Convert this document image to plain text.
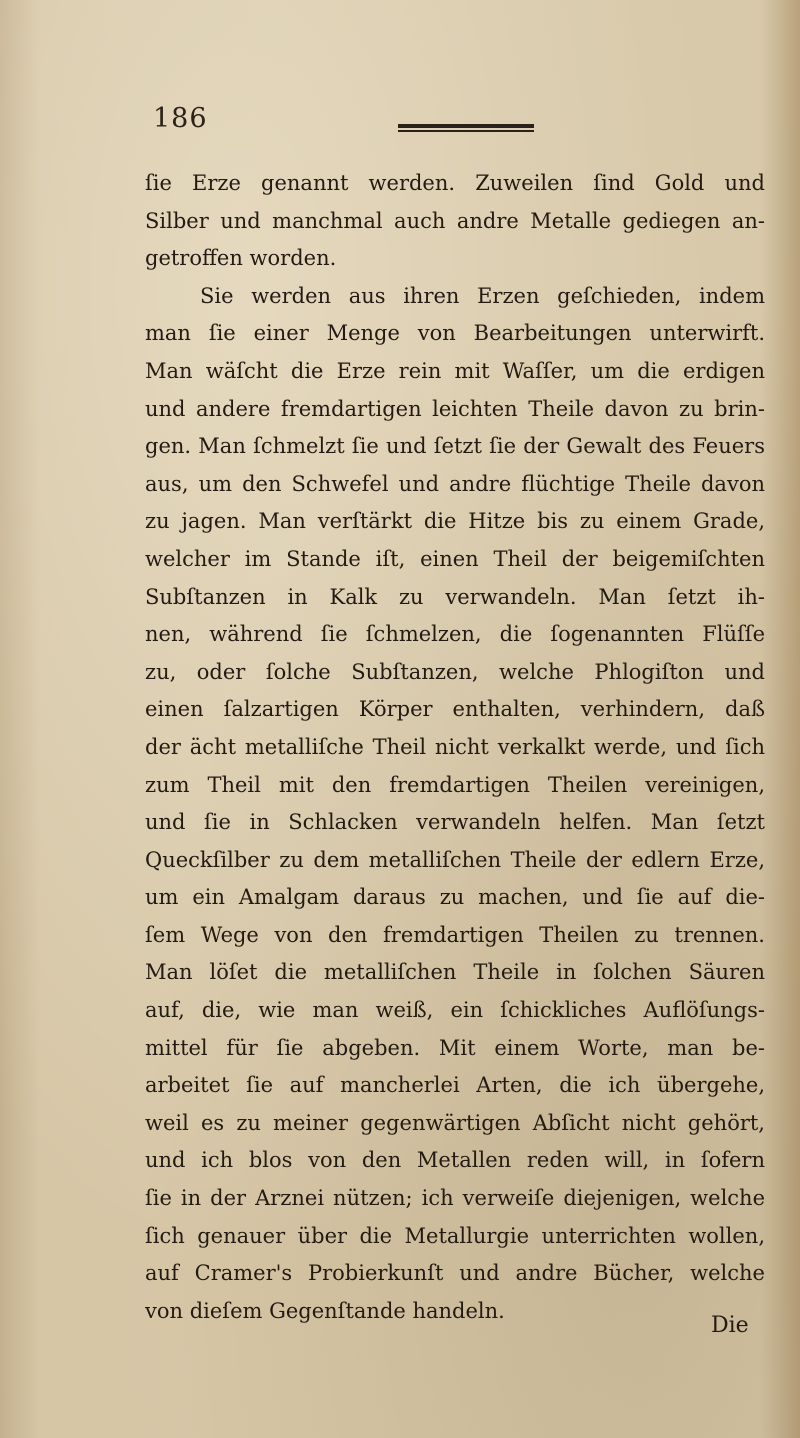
186
ſie Erze genannt werden. Zuweilen ſind Gold und
Silber und manchmal auch andre Metalle gediegen an-
getroffen worden.
Sie werden aus ihren Erzen geſchieden, indem
man ſie einer Menge von Bearbeitungen unterwirft.
Man wäſcht die Erze rein mit Waſſer, um die erdigen
und andere fremdartigen leichten Theile davon zu brin-
gen. Man ſchmelzt ſie und ſetzt ſie der Gewalt des Feuers
aus, um den Schwefel und andre flüchtige Theile davon
zu jagen. Man verſtärkt die Hitze bis zu einem Grade,
welcher im Stande iſt, einen Theil der beigemiſchten
Subſtanzen in Kalk zu verwandeln. Man ſetzt ih-
nen, während ſie ſchmelzen, die ſogenannten Flüſſe
zu, oder ſolche Subſtanzen, welche Phlogiſton und
einen ſalzartigen Körper enthalten, verhindern, daß
der ächt metalliſche Theil nicht verkalkt werde, und ſich
zum Theil mit den fremdartigen Theilen vereinigen,
und ſie in Schlacken verwandeln helfen. Man ſetzt
Queckſilber zu dem metalliſchen Theile der edlern Erze,
um ein Amalgam daraus zu machen, und ſie auf die-
ſem Wege von den fremdartigen Theilen zu trennen.
Man löſet die metalliſchen Theile in ſolchen Säuren
auf, die, wie man weiß, ein ſchickliches Auflöſungs-
mittel für ſie abgeben. Mit einem Worte, man be-
arbeitet ſie auf mancherlei Arten, die ich übergehe,
weil es zu meiner gegenwärtigen Abſicht nicht gehört,
und ich blos von den Metallen reden will, in ſofern
ſie in der Arznei nützen; ich verweiſe diejenigen, welche
ſich genauer über die Metallurgie unterrichten wollen,
auf Cramer's Probierkunſt und andre Bücher, welche
von dieſem Gegenſtande handeln.
Die
